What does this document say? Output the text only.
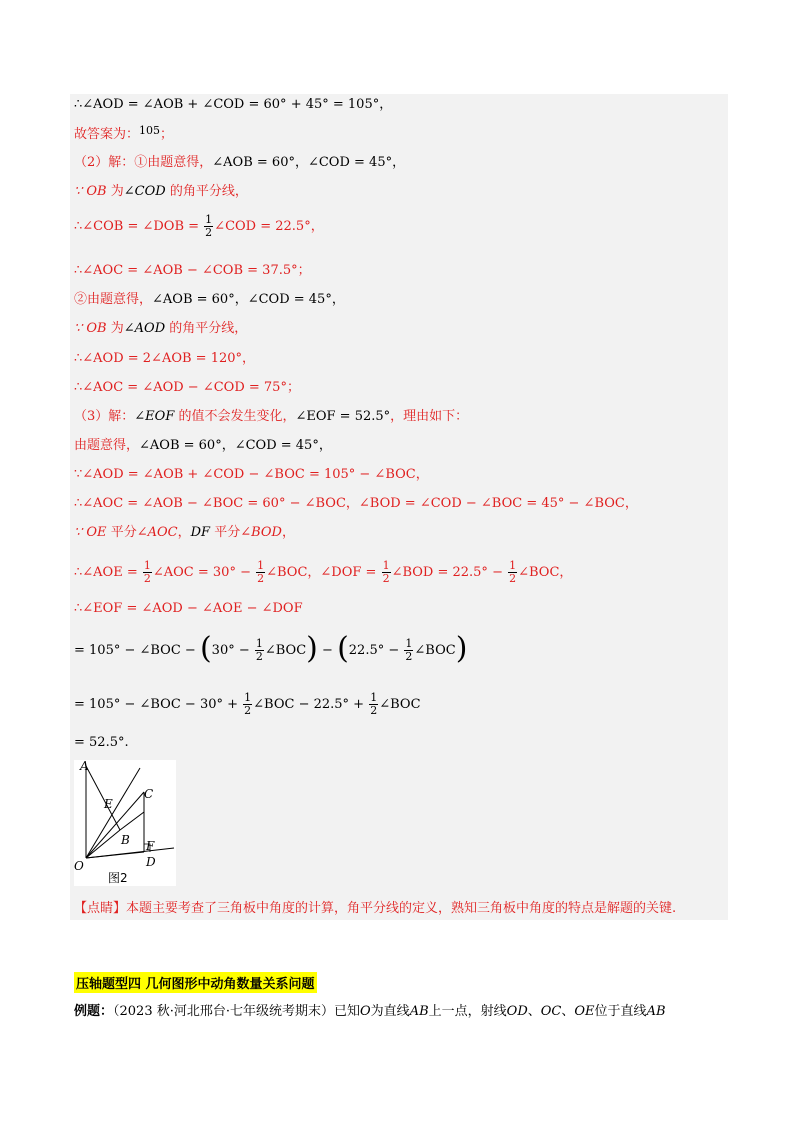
∴∠AOD = ∠AOB + ∠COD = 60° + 45° = 105°，
故答案为：$^{105}$；
（2）解：①由题意得，∠AOB = 60°，∠COD = 45°，
∵ OB 为∠COD 的角平分线，
∴∠COB = ∠DOB = $\frac{1}{2}$ ∠COD = 22.5°，
∴∠AOC = ∠AOB − ∠COB = 37.5°；
②由题意得，∠AOB = 60°，∠COD = 45°，
∵ OB 为∠AOD 的角平分线，
∴∠AOD = 2∠AOB = 120°，
∴∠AOC = ∠AOD − ∠COD = 75°；
（3）解：∠EOF 的值不会发生变化，∠EOF = 52.5°，理由如下：
由题意得，∠AOB = 60°，∠COD = 45°，
∵∠AOD = ∠AOB + ∠COD − ∠BOC = 105° − ∠BOC，
∴∠AOC = ∠AOB − ∠BOC = 60° − ∠BOC，∠BOD = ∠COD − ∠BOC = 45° − ∠BOC，
∵ OE 平分∠AOC，DF 平分∠BOD，
∴∠AOE = $\frac{1}{2}$ ∠AOC = $30^\circ - \frac{1}{2}$ ∠BOC，∠DOF = $\frac{1}{2}$ ∠BOD = $22.5^\circ - \frac{1}{2}$ ∠BOC，
∴∠EOF = ∠AOD − ∠AOE − ∠DOF
= 105° − ∠BOC − ($30^\circ - \frac{1}{2}$ ∠BOC) − ($22.5^\circ - \frac{1}{2}$ ∠BOC)
= 105° − ∠BOC − $30^\circ + \frac{1}{2}$ ∠BOC − $22.5^\circ + \frac{1}{2}$ ∠BOC
= 52.5°.
A
E
C
B F
O	D
图2
【点睛】本题主要考查了三角板中角度的计算，角平分线的定义，熟知三角板中角度的特点是解题的关键.
压轴题型四 几何图形中动角数量关系问题
例题：（2023 秋·河北邢台·七年级统考期末）已知O为直线AB上一点，射线OD、OC、OE位于直线AB
